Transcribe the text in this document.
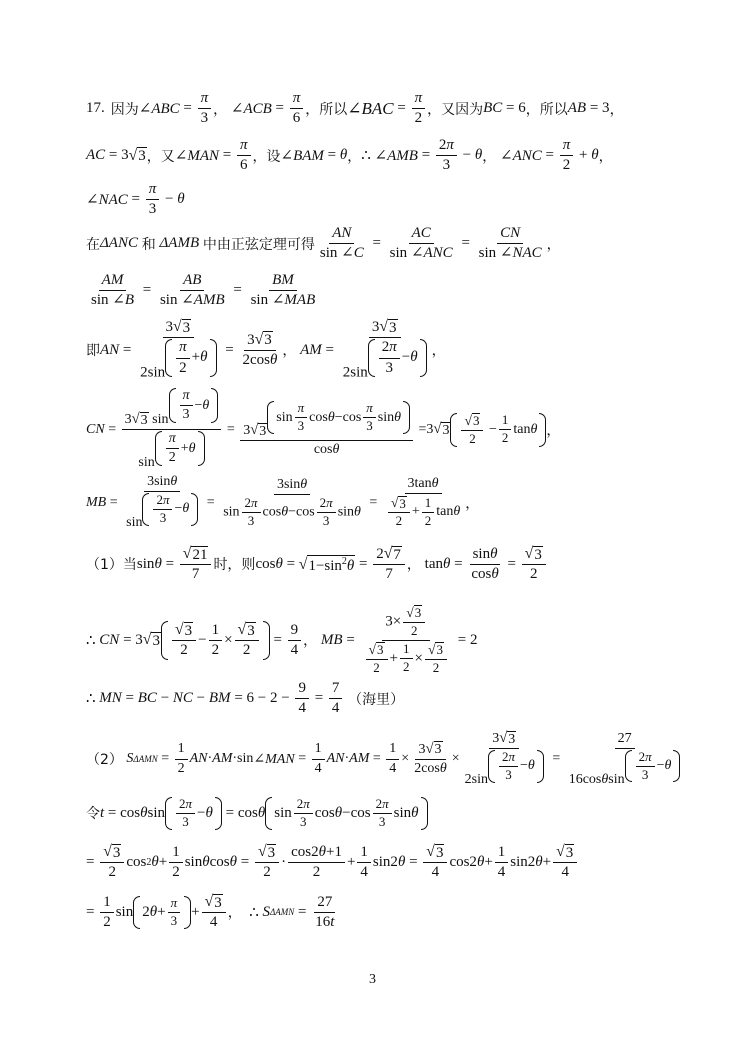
17. 因为 ∠ABC = $\frac{\pi}{3}$ ，
∠ACB = $\frac{\pi}{6}$ ， 所以 ∠BAC = $\frac{\pi}{2}$ ， 又因为 BC = 6 ， 所以 AB = 3 ，
AC = 3 √ 3 ， 又 ∠MAN = $\frac{\pi}{6}$ ， 设 ∠BAM = θ ， ∴ ∠AMB = $\frac{2\pi}{3} - \theta$ ，
∠ANC = $\frac{\pi}{2} + \theta$ ，
∠NAC = $\frac{\pi}{3} - \theta$
在 ΔANC
和
ΔAMB
中由正弦定理可得 $\frac{AN}{\sin \angle C} = \frac{AC}{\text{sin ∠ANC}} = \frac{CN}{\text{sin ∠NAC}}$ ，
$\frac{AM}{\sin \angle B} = \frac{AB}{\text{sin ∠AMB}} = \frac{BM}{\text{sin ∠MAB}}$
即 AN = $\frac{3 √ 3}{2\sin \frac{\pi}{2} + \theta} = \frac{3 √ 3}{2\cos\theta}$ ，
AM = $\frac{3 √ 3}{2\sin \frac{2\pi}{3} - \theta}$ ，
CN = $\frac{3 √ 3 \sin \frac{\pi}{3} - \theta}{\sin \frac{\pi}{2} + \theta} = 3$ √ 3
$\sin \frac{\pi}{3}$ $\cos \theta -\cos \frac{\pi}{3}$ sin θ
cosθ =3 √ $3 \frac{√ 3}{2} - \frac{1}{2}$ tan θ ，
MB = $\frac{3\sin\theta}{\sin \frac{2\pi}{3} - \theta} = \frac{3\sin\theta}{\sin \frac{2\pi}{3} \cos\theta-\cos \frac{2\pi}{3} \sin\theta} = \frac{3\tan\theta}{\frac{√ 3}{2} + \frac{1}{2} \tan\theta}$ ，
（1） 当 $\sin \theta = \frac{√ 21}{7}$ 时，则 cos θ = √ $1-\sin^2\theta = \frac{2 √ 7}{7}$ ， $\tan \theta = \frac{\sin\theta}{\cos\theta} = \frac{√ 3}{2}$
∴ CN = 3 √ $3 \frac{√ 3}{2} - \frac{1}{2} \times \frac{√ 3}{2} = \frac{9}{4}$ ，
MB = $\frac{3\times \frac{√ 3}{2}}{\frac{√ 3}{2} + \frac{1}{2} \times \frac{√ 3}{2}} = 2$
∴ MN = BC − NC − BM = $6 - 2 - \frac{9}{4} = \frac{7}{4}$
（海里）
（2）
S $\Delta AMN = \frac{1}{2}$ AN · AM ·sin ∠MAN = $\frac{1}{4}$ AN · AM = $\frac{1}{4} \times \frac{3 √ 3}{2\cos\theta} \times \frac{3 √ 3}{2\sin \frac{2\pi}{3} - \theta} = \frac{27}{16\cos\theta\sin \frac{2\pi}{3} - \theta}$
令 t = cos θ $\sin \frac{2\pi}{3} - \theta = \cos \theta$ $\sin \frac{2\pi}{3}$ $\cos \theta -\cos \frac{2\pi}{3}$ sin θ
= $\frac{√ 3}{2}$ cos 2 $\theta + \frac{1}{2}$ sin θ $\cos \theta = \frac{√ 3}{2} \cdot \frac{\cos 2\theta+1}{2} + \frac{1}{4} \sin 2$ $\theta = \frac{√ 3}{4} \cos 2$ $\theta + \frac{1}{4} \sin 2$ $\theta + \frac{√ 3}{4}$
= $\frac{1}{2}$ sin 2 $\theta + \frac{\pi}{3} + \frac{√ 3}{4}$ ， ∴ S $\Delta AMN = \frac{27}{16t}$
3
